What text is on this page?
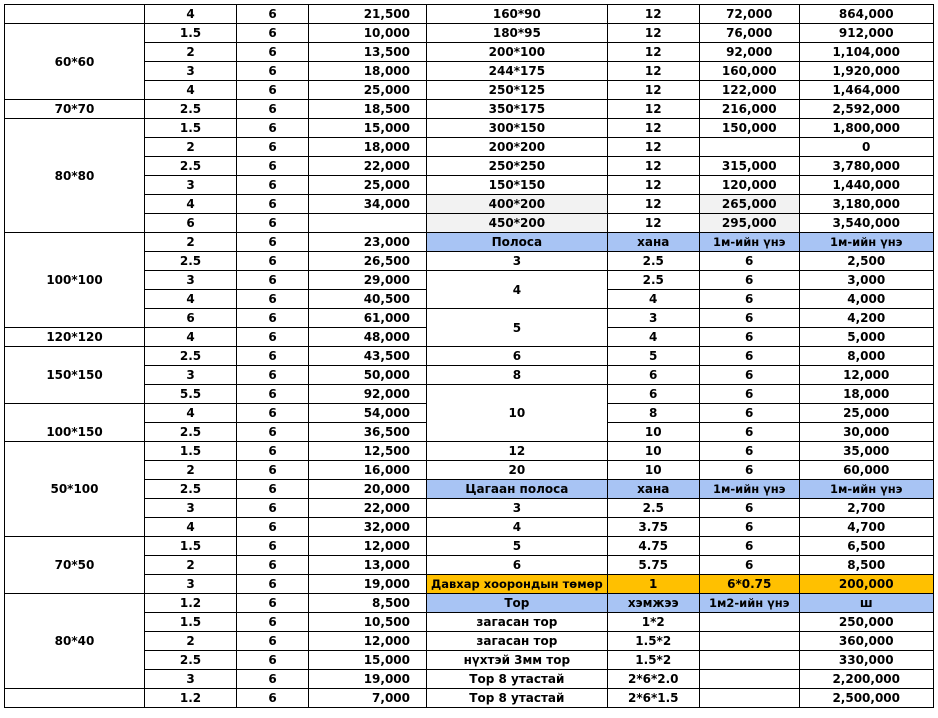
	4	6	21,500	160*90	12	72,000	864,000
60*60	1.5	6	10,000	180*95	12	76,000	912,000
	2	6	13,500	200*100	12	92,000	1,104,000
	3	6	18,000	244*175	12	160,000	1,920,000
	4	6	25,000	250*125	12	122,000	1,464,000
70*70	2.5	6	18,500	350*175	12	216,000	2,592,000
80*80	1.5	6	15,000	300*150	12	150,000	1,800,000
	2	6	18,000	200*200	12		0
	2.5	6	22,000	250*250	12	315,000	3,780,000
	3	6	25,000	150*150	12	120,000	1,440,000
	4	6	34,000	400*200	12	265,000	3,180,000
	6	6		450*200	12	295,000	3,540,000
100*100	2	6	23,000	Полоса	хана	1м-ийн үнэ	1м-ийн үнэ
	2.5	6	26,500	3	2.5	6	2,500
	3	6	29,000	4	2.5	6	3,000
	4	6	40,500		4	6	4,000
	6	6	61,000	5	3	6	4,200
120*120	4	6	48,000		4	6	5,000
150*150	2.5	6	43,500	6	5	6	8,000
	3	6	50,000	8	6	6	12,000
	5.5	6	92,000	10	6	6	18,000
100*150	4	6	54,000		8	6	25,000
	2.5	6	36,500		10	6	30,000
50*100	1.5	6	12,500	12	10	6	35,000
	2	6	16,000	20	10	6	60,000
	2.5	6	20,000	Цагаан полоса	хана	1м-ийн үнэ	1м-ийн үнэ
	3	6	22,000	3	2.5	6	2,700
	4	6	32,000	4	3.75	6	4,700
70*50	1.5	6	12,000	5	4.75	6	6,500
	2	6	13,000	6	5.75	6	8,500
	3	6	19,000	Давхар хоорондын төмөр	1	6*0.75	200,000
80*40	1.2	6	8,500	Тор	хэмжээ	1м2-ийн үнэ	ш
	1.5	6	10,500	загасан тор	1*2		250,000
	2	6	12,000	загасан тор	1.5*2		360,000
	2.5	6	15,000	нүхтэй 3мм тор	1.5*2		330,000
	3	6	19,000	Тор 8 утастай	2*6*2.0		2,200,000
	1.2	6	7,000	Тор 8 утастай	2*6*1.5		2,500,000
